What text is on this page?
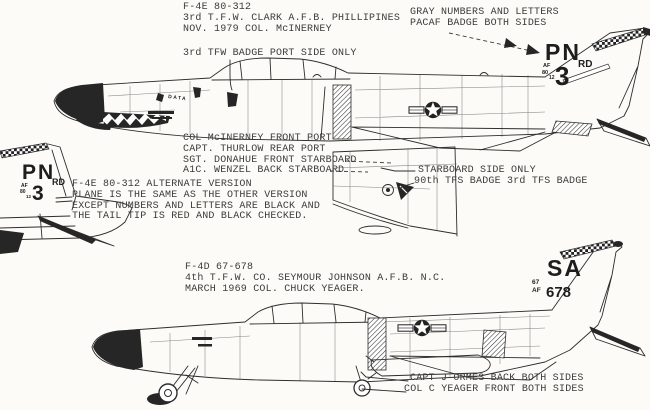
PN
3 RD
AF
80
12
DATA
PN
3 RD
AF
80
12
SA
67
AF 678
F-4E 80-312
3rd T.F.W. CLARK A.F.B. PHILLIPINES
NOV. 1979 COL. McINERNEY
3rd TFW BADGE PORT SIDE ONLY
GRAY NUMBERS AND LETTERS
PACAF BADGE BOTH SIDES
COL McINERNEY FRONT PORT
CAPT. THURLOW REAR PORT
SGT. DONAHUE FRONT STARBOARD
A1C. WENZEL BACK STARBOARD
F-4E 80-312 ALTERNATE VERSION
PLANE IS THE SAME AS THE OTHER VERSION
EXCEPT NUMBERS AND LETTERS ARE BLACK AND
THE TAIL TIP IS RED AND BLACK CHECKED.
STARBOARD SIDE ONLY
90th TFS BADGE 3rd TFS BADGE
F-4D 67-678
4th T.F.W. CO. SEYMOUR JOHNSON A.F.B. N.C.
MARCH 1969 COL. CHUCK YEAGER.
CAPT J ORMES BACK BOTH SIDES
COL C YEAGER FRONT BOTH SIDES
